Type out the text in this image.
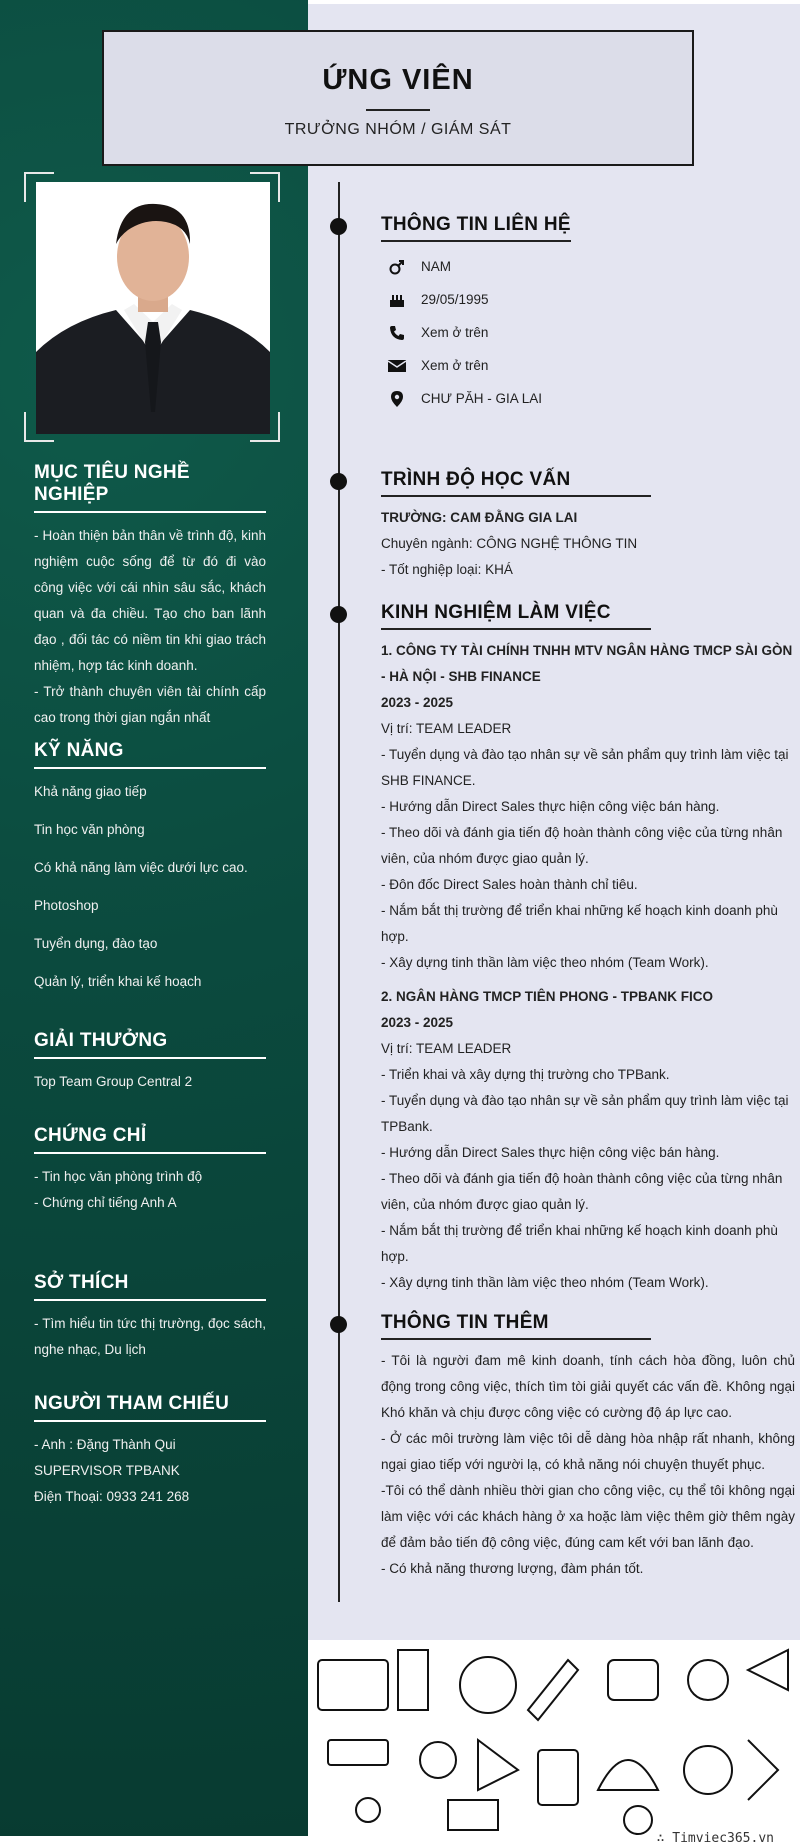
ỨNG VIÊN
TRƯỞNG NHÓM / GIÁM SÁT
MỤC TIÊU NGHỀ NGHIỆP
- Hoàn thiện bản thân về trình độ, kinh nghiệm cuộc sống để từ đó đi vào công việc với cái nhìn sâu sắc, khách quan và đa chiều. Tạo cho ban lãnh đạo , đối tác có niềm tin khi giao trách nhiệm, hợp tác kinh doanh.
- Trở thành chuyên viên tài chính cấp cao trong thời gian ngắn nhất
KỸ NĂNG
Khả năng giao tiếp
Tin học văn phòng
Có khả năng làm việc dưới lực cao.
Photoshop
Tuyển dụng, đào tạo
Quản lý, triển khai kế hoạch
GIẢI THƯỞNG
Top Team Group Central 2
CHỨNG CHỈ
- Tin học văn phòng trình độ
- Chứng chỉ tiếng Anh A
SỞ THÍCH
- Tìm hiểu tin tức thị trường, đọc sách, nghe nhạc, Du lịch
NGƯỜI THAM CHIẾU
- Anh : Đặng Thành Qui
SUPERVISOR TPBANK
Điện Thoại: 0933 241 268
THÔNG TIN LIÊN HỆ
NAM
29/05/1995
Xem ở trên
Xem ở trên
CHƯ PĂH - GIA LAI
TRÌNH ĐỘ HỌC VẤN
TRƯỜNG: CAM ĐẰNG GIA LAI
Chuyên ngành: CÔNG NGHỆ THÔNG TIN
- Tốt nghiệp loại: KHÁ
KINH NGHIỆM LÀM VIỆC
1. CÔNG TY TÀI CHÍNH TNHH MTV NGÂN HÀNG TMCP SÀI GÒN - HÀ NỘI - SHB FINANCE
2023 - 2025
Vị trí: TEAM LEADER
- Tuyển dụng và đào tạo nhân sự về sản phẩm quy trình làm việc tại SHB FINANCE.
- Hướng dẫn Direct Sales thực hiện công việc bán hàng.
- Theo dõi và đánh gia tiến độ hoàn thành công việc của từng nhân viên, của nhóm được giao quản lý.
- Đôn đốc Direct Sales hoàn thành chỉ tiêu.
- Nắm bắt thị trường để triển khai những kế hoạch kinh doanh phù hợp.
- Xây dựng tinh thần làm việc theo nhóm (Team Work).
2. NGÂN HÀNG TMCP TIÊN PHONG - TPBANK FICO
2023 - 2025
Vị trí: TEAM LEADER
- Triển khai và xây dựng thị trường cho TPBank.
- Tuyển dụng và đào tạo nhân sự về sản phẩm quy trình làm việc tại TPBank.
- Hướng dẫn Direct Sales thực hiện công việc bán hàng.
- Theo dõi và đánh gia tiến độ hoàn thành công việc của từng nhân viên, của nhóm được giao quản lý.
- Nắm bắt thị trường để triển khai những kế hoạch kinh doanh phù hợp.
- Xây dựng tinh thần làm việc theo nhóm (Team Work).
THÔNG TIN THÊM
- Tôi là người đam mê kinh doanh, tính cách hòa đồng, luôn chủ động trong công việc, thích tìm tòi giải quyết các vấn đề. Không ngại Khó khăn và chịu được công việc có cường độ áp lực cao.
- Ở các môi trường làm việc tôi dễ dàng hòa nhập rất nhanh, không ngại giao tiếp với người lạ, có khả năng nói chuyện thuyết phục.
-Tôi có thể dành nhiều thời gian cho công việc, cụ thể tôi không ngại làm việc với các khách hàng ở xa hoặc làm việc thêm giờ thêm ngày để đảm bảo tiến độ công việc, đúng cam kết với ban lãnh đạo.
- Có khả năng thương lượng, đàm phán tốt.
∴ Timviec365.vn
